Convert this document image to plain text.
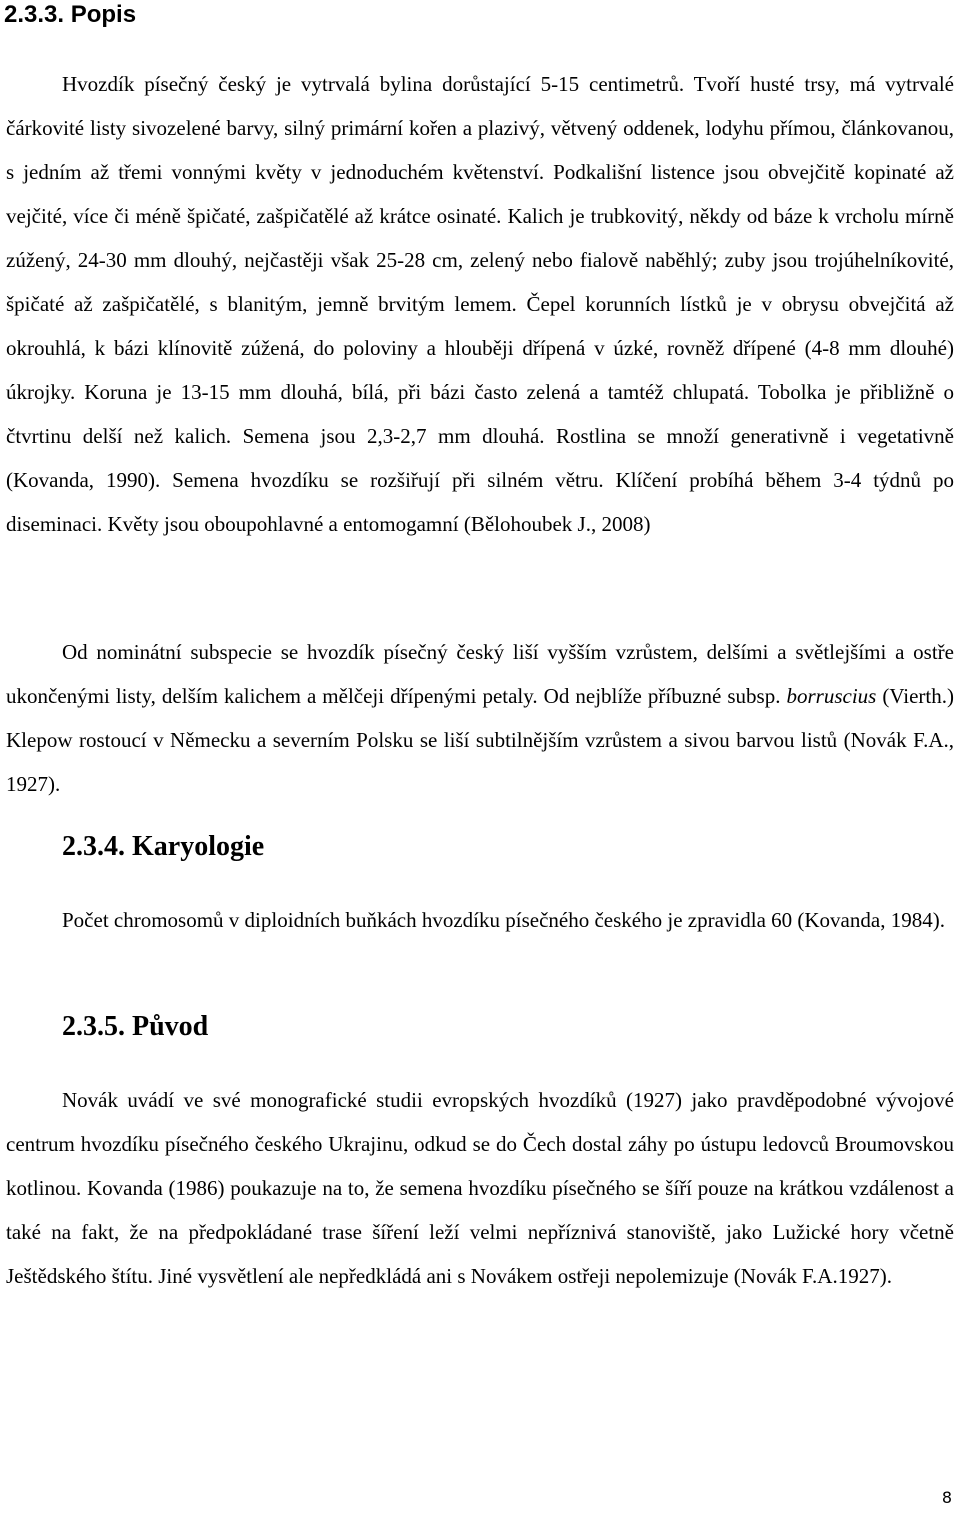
2.3.3. Popis

Hvozdík písečný český je vytrvalá bylina dorůstající 5-15 centimetrů. Tvoří husté trsy, má vytrvalé čárkovité listy sivozelené barvy, silný primární kořen a plazivý, větvený oddenek, lodyhu přímou, článkovanou, s jedním až třemi vonnými květy v jednoduchém květenství. Podkališní listence jsou obvejčitě kopinaté až vejčité, více či méně špičaté, zašpičatělé až krátce osinaté. Kalich je trubkovitý, někdy od báze k vrcholu mírně zúžený, 24-30 mm dlouhý, nejčastěji však 25-28 cm, zelený nebo fialově naběhlý; zuby jsou trojúhelníkovité, špičaté až zašpičatělé, s blanitým, jemně brvitým lemem. Čepel korunních lístků je v obrysu obvejčitá až okrouhlá, k bázi klínovitě zúžená, do poloviny a hlouběji dřípená v úzké, rovněž dřípené (4-8 mm dlouhé) úkrojky. Koruna je 13-15 mm dlouhá, bílá, při bázi často zelená a tamtéž chlupatá. Tobolka je přibližně o čtvrtinu delší než kalich. Semena jsou 2,3-2,7 mm dlouhá. Rostlina se množí generativně i vegetativně (Kovanda, 1990). Semena hvozdíku se rozšiřují při silném větru. Klíčení probíhá během 3-4 týdnů po diseminaci. Květy jsou oboupohlavné a entomogamní (Bělohoubek J., 2008)

Od nominátní subspecie se hvozdík písečný český liší vyšším vzrůstem, delšími a světlejšími a ostře ukončenými listy, delším kalichem a mělčeji dřípenými petaly. Od nejblíže příbuzné subsp. borruscius (Vierth.) Klepow rostoucí v Německu a severním Polsku se liší subtilnějším vzrůstem a sivou barvou listů (Novák F.A., 1927).

2.3.4. Karyologie

Počet chromosomů v diploidních buňkách hvozdíku písečného českého je zpravidla 60 (Kovanda, 1984).

2.3.5. Původ

Novák uvádí ve své monografické studii evropských hvozdíků (1927) jako pravděpodobné vývojové centrum hvozdíku písečného českého Ukrajinu, odkud se do Čech dostal záhy po ústupu ledovců Broumovskou kotlinou. Kovanda (1986) poukazuje na to, že semena hvozdíku písečného se šíří pouze na krátkou vzdálenost a také na fakt, že na předpokládané trase šíření leží velmi nepříznivá stanoviště, jako Lužické hory včetně Ještědského štítu. Jiné vysvětlení ale nepředkládá ani s Novákem ostřeji nepolemizuje (Novák F.A.1927).

8
